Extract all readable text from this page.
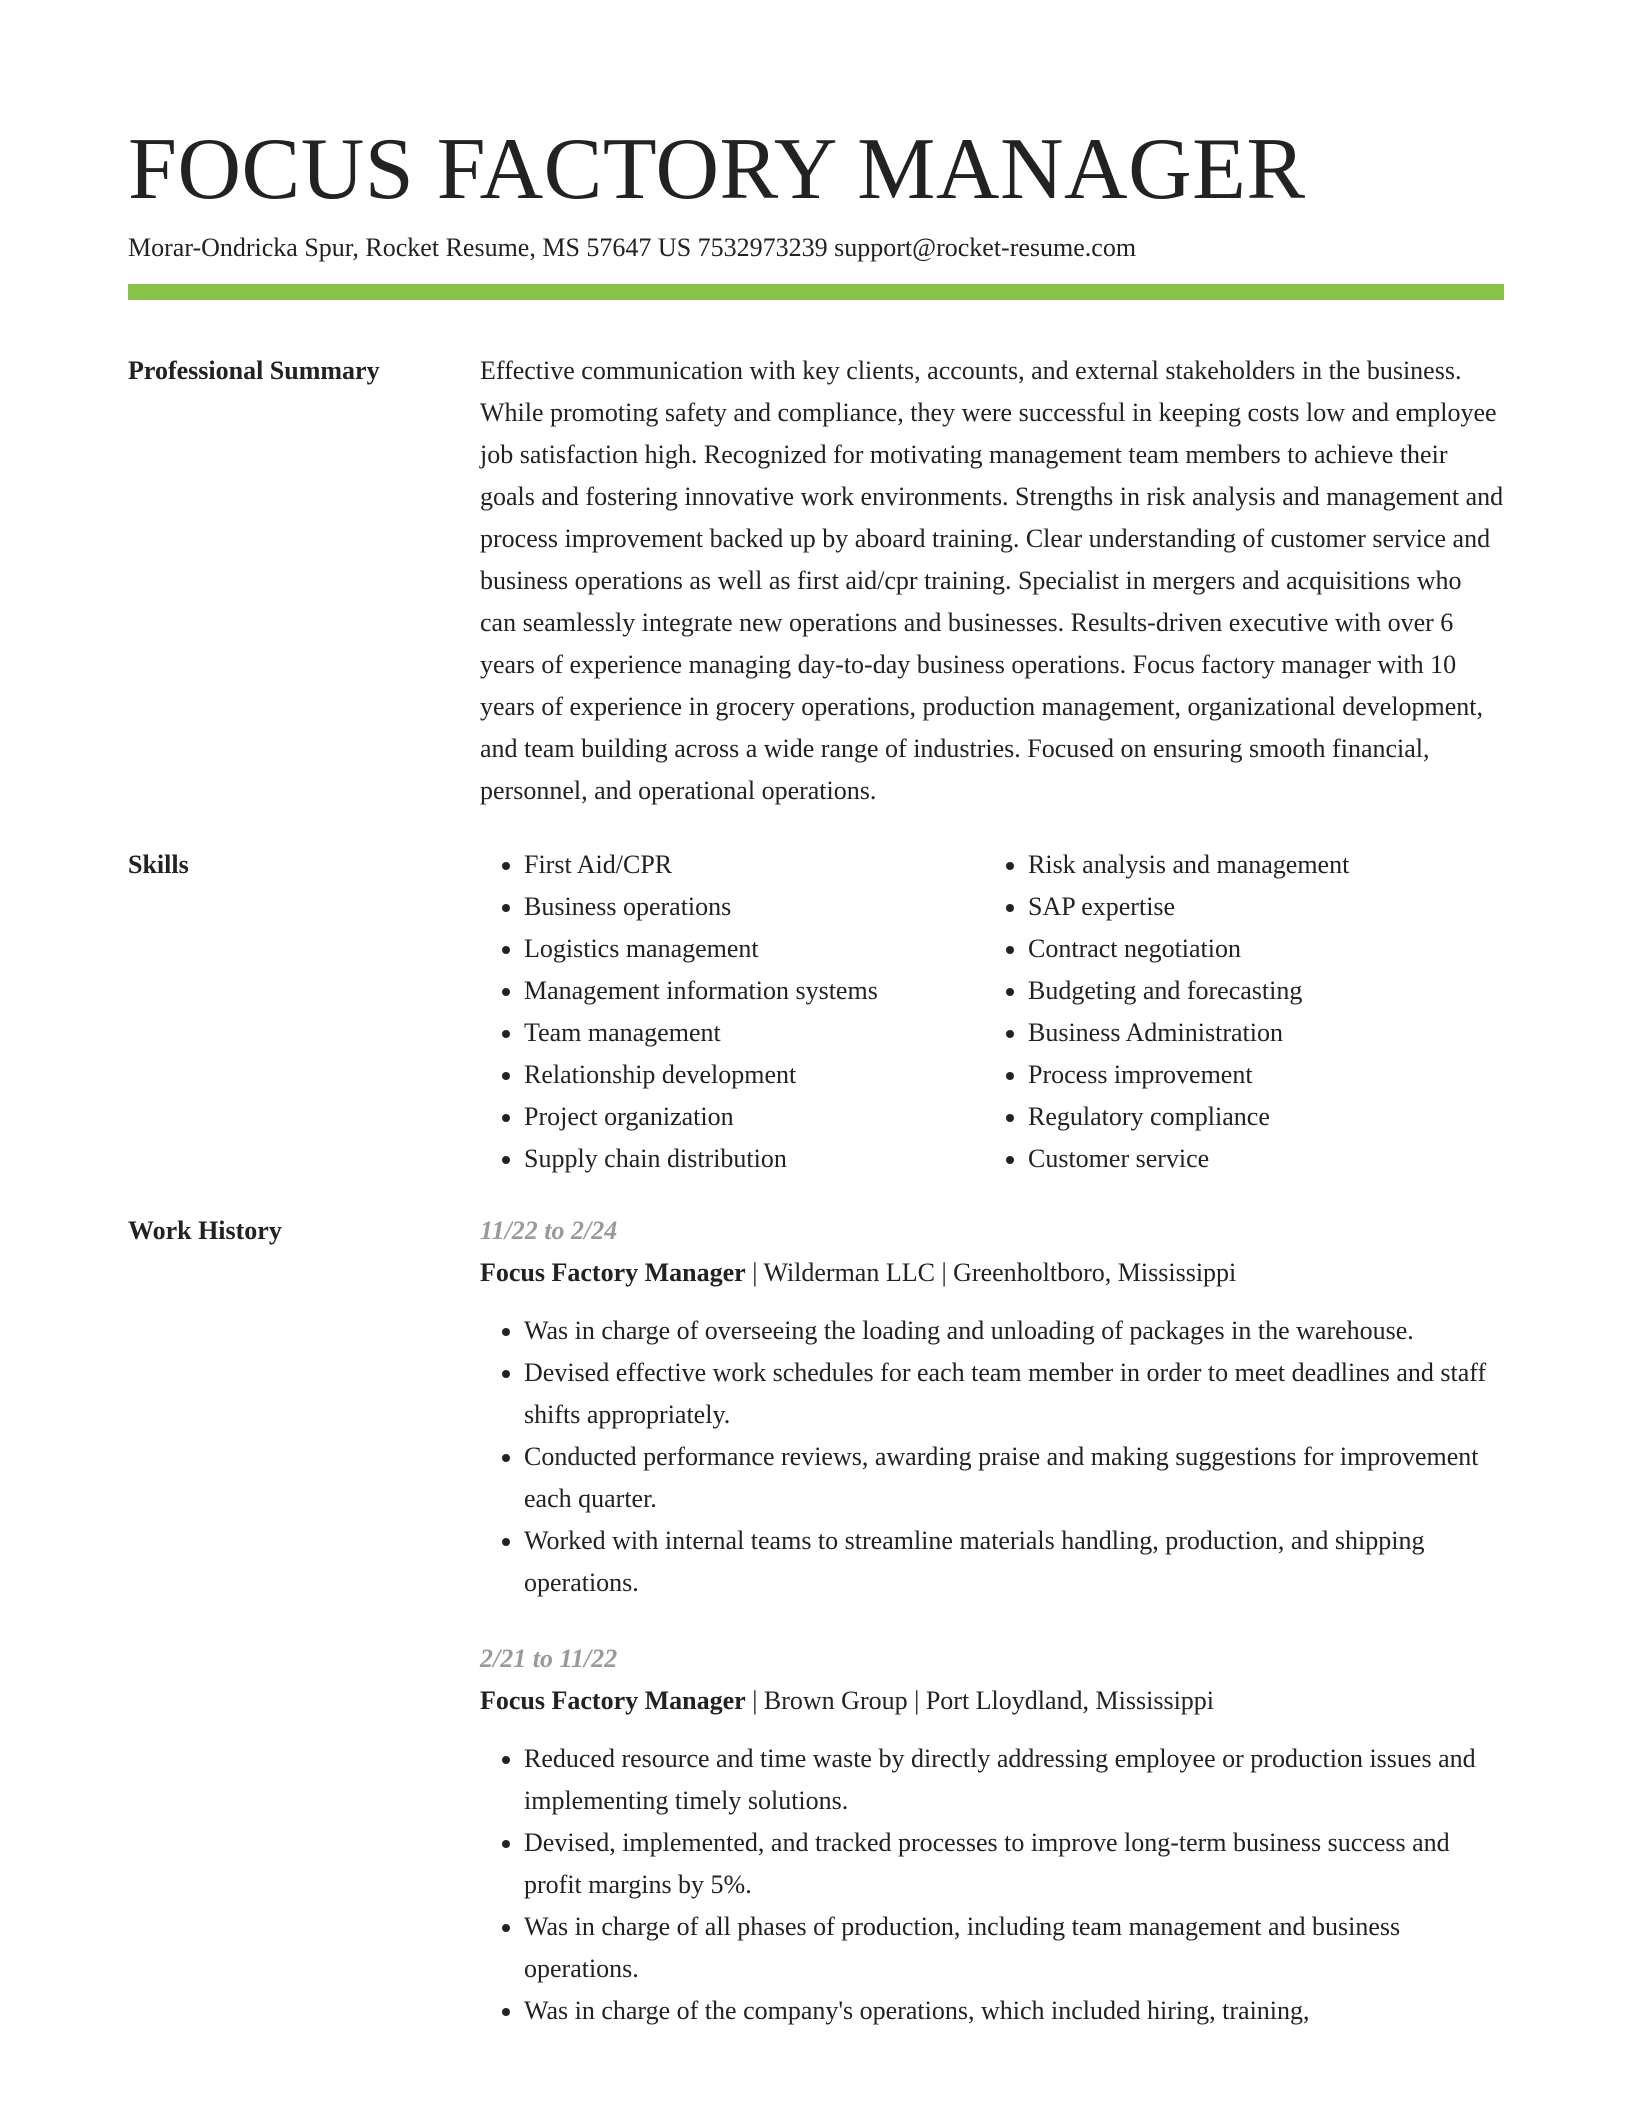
FOCUS FACTORY MANAGER
Morar-Ondricka Spur, Rocket Resume, MS 57647 US 7532973239 support@rocket-resume.com
Professional Summary	Effective communication with key clients, accounts, and external stakeholders in the business. While promoting safety and compliance, they were successful in keeping costs low and employee job satisfaction high. Recognized for motivating management team members to achieve their goals and fostering innovative work environments. Strengths in risk analysis and management and process improvement backed up by aboard training. Clear understanding of customer service and business operations as well as first aid/cpr training. Specialist in mergers and acquisitions who can seamlessly integrate new operations and businesses. Results-driven executive with over 6 years of experience managing day-to-day business operations. Focus factory manager with 10 years of experience in grocery operations, production management, organizational development, and team building across a wide range of industries. Focused on ensuring smooth financial, personnel, and operational operations.

Skills
•	First Aid/CPR
• Business operations
• Logistics management
• Management information systems
• Team management
• Relationship development
• Project organization
• Supply chain distribution
• Risk analysis and management
• SAP expertise
• Contract negotiation
• Budgeting and forecasting
• Business Administration
• Process improvement
• Regulatory compliance
• Customer service
Work History	11/22 to 2/24
Focus Factory Manager | Wilderman LLC | Greenholtboro, Mississippi
• Was in charge of overseeing the loading and unloading of packages in the warehouse.
• Devised effective work schedules for each team member in order to meet deadlines and staff shifts appropriately.
• Conducted performance reviews, awarding praise and making suggestions for improvement each quarter.
• Worked with internal teams to streamline materials handling, production, and shipping operations.
2/21 to 11/22
Focus Factory Manager | Brown Group | Port Lloydland, Mississippi
• Reduced resource and time waste by directly addressing employee or production issues and implementing timely solutions.
• Devised, implemented, and tracked processes to improve long-term business success and profit margins by 5%.
• Was in charge of all phases of production, including team management and business operations.
• Was in charge of the company's operations, which included hiring, training,
